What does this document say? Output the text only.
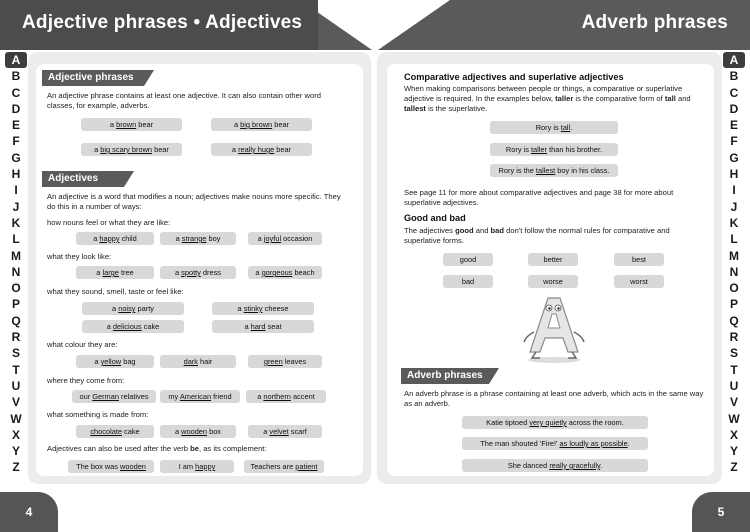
Adjective phrases • Adjectives	Adverb phrases
A
B
C
D
E
F
G
H
I
J
K
L
M
N
O
P
Q
R
S
T
U
V
W
X
Y
Z
A
B
C
D
E
F
G
H
I
J
K
L
M
N
O
P
Q
R
S
T
U
V
W
X
Y
Z
4	5
Adjective phrases
An adjective phrase contains at least one adjective. It can also contain other word classes, for example, adverbs.
a brown bear	a big brown bear
a big scary brown bear	a really huge bear
a happy child	a strange boy	a joyful occasion
a large tree	a spotty dress	a gorgeous beach
a noisy party	a stinky cheese
a delicious cake	a hard seat
a yellow bag	dark hair	green leaves
our German relatives	my American friend	a northern accent
chocolate cake	a wooden box	a velvet scarf
The box was wooden	I am happy	Teachers are patient
Adjectives
An adjective is a word that modifies a noun; adjectives make nouns more specific. They do this in a number of ways:
how nouns feel or what they are like:
what they look like:
what they sound, smell, taste or feel like:
what colour they are:
where they come from:
what something is made from:
Adjectives can also be used after the verb be, as its complement:
Comparative adjectives and superlative adjectives
When making comparisons between people or things, a comparative or superlative adjective is required. In the examples below, taller is the comparative form of tall and tallest is the superlative.
Rory is tall.
Rory is taller than his brother.
Rory is the tallest boy in his class.
good	better	best
bad	worse	worst
Katie tiptoed very quietly across the room.
The man shouted 'Fire!' as loudly as possible.
She danced really gracefully.
See page 11 for more about comparative adjectives and page 38 for more about superlative adjectives.
Good and bad
The adjectives good and bad don't follow the normal rules for comparative and superlative forms.
Adverb phrases
An adverb phrase is a phrase containing at least one adverb, which acts in the same way as an adverb.
